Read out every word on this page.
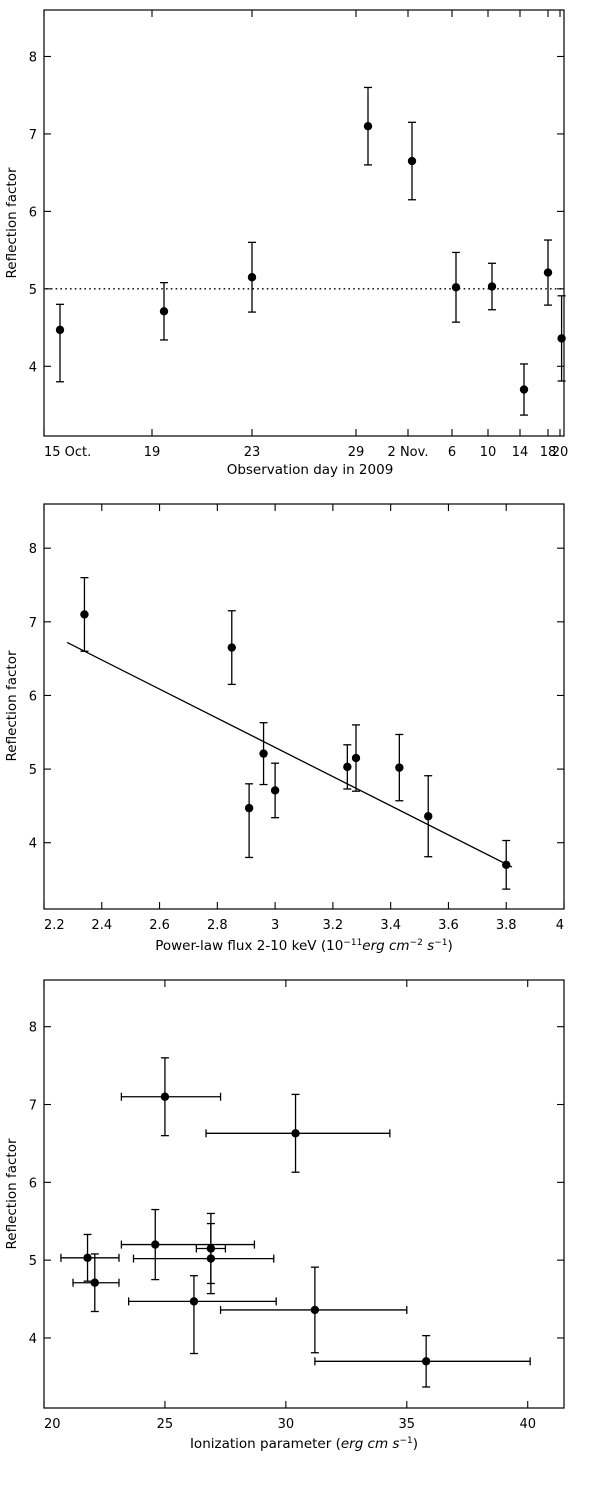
15 Oct.	19	23	29 2 Nov. 6 10 14 18
20
4
5
6
7
8
Reflection factor
Observation day in 2009
2.2 2.4	2.6	2.8	3	3.2	3.4	3.6	3.8	4
4
5
6
7
8
Reflection factor
Power-law flux 2-10 keV ($10^{-11}erg$ $cm^{-2}$ $s^{-1}$)
20	25	30	35	40
4
5
6
7
8
Reflection factor
Ionization parameter (erg cm $s^{-1}$)
